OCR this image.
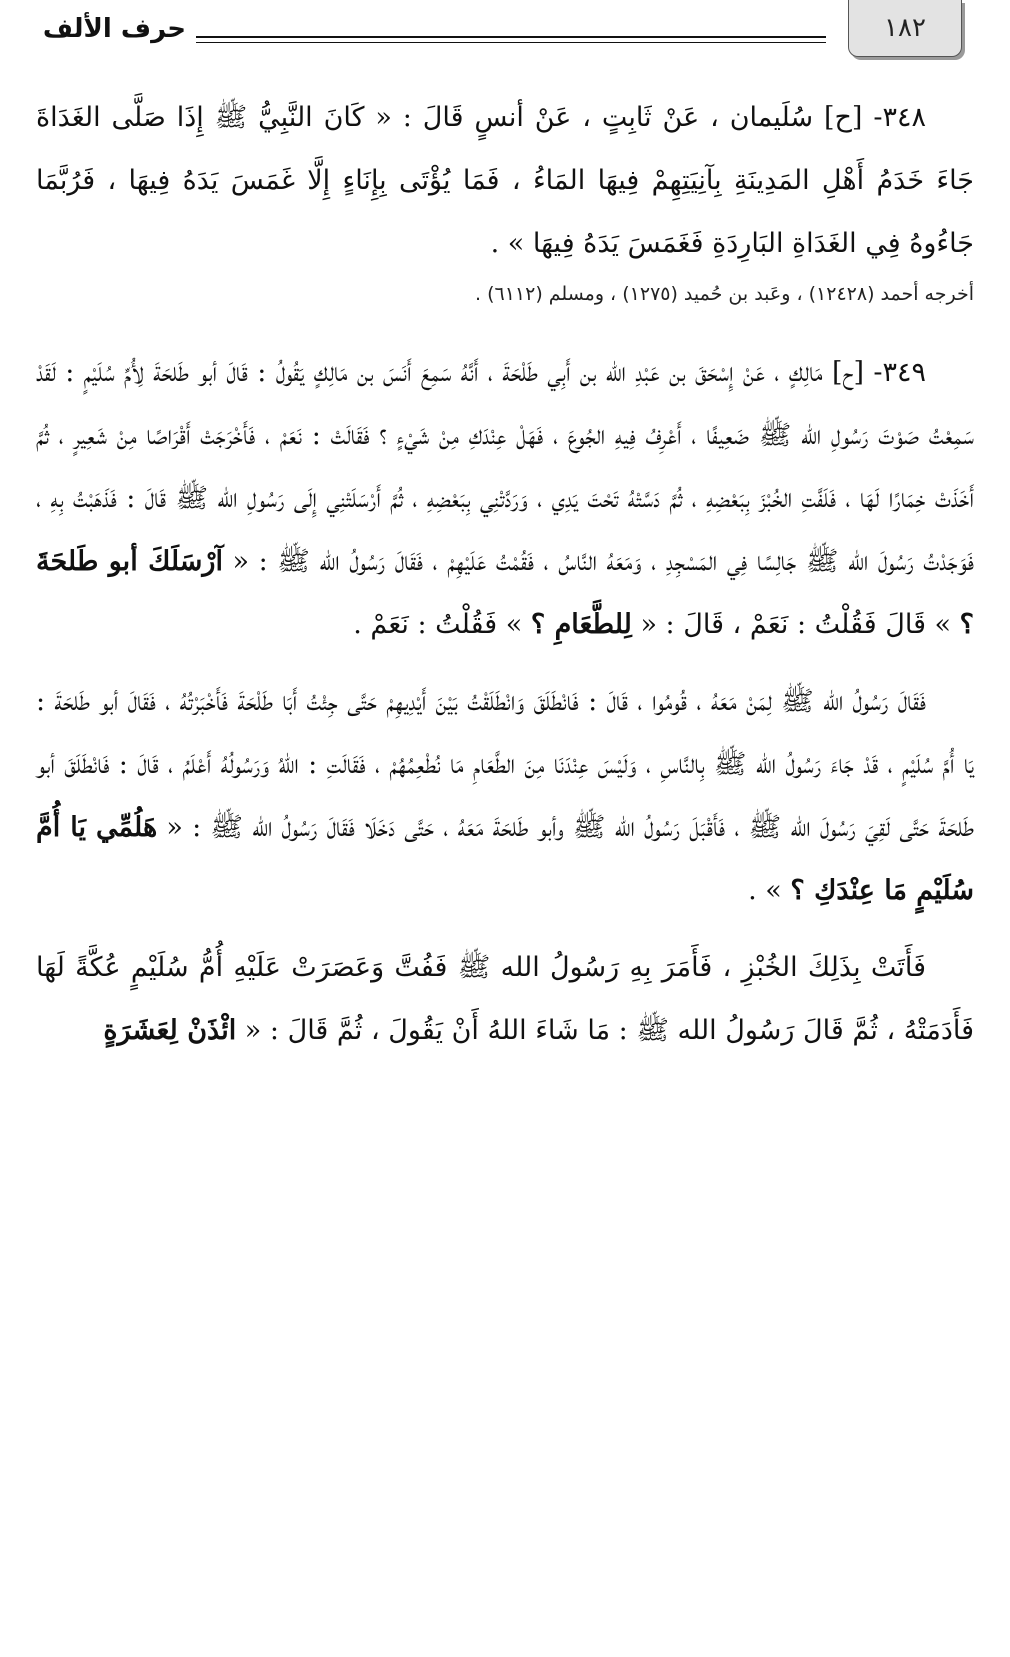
١٨٢
حرف الألف

٣٤٨- [ح] سُلَيمان ، عَنْ ثَابِتٍ ، عَنْ أنسٍ قَالَ : « كَانَ النَّبِيُّ ﷺ إِذَا صَلَّى الغَدَاةَ جَاءَ خَدَمُ أَهْلِ المَدِينَةِ بِآنِيَتِهِمْ فِيهَا المَاءُ ، فَمَا يُؤْتَى بِإِنَاءٍ إِلَّا غَمَسَ يَدَهُ فِيهَا ، فَرُبَّمَا جَاءُوهُ فِي الغَدَاةِ البَارِدَةِ فَغَمَسَ يَدَهُ فِيهَا » .

أخرجه أحمد (١٢٤٢٨) ، وعَبد بن حُميد (١٢٧٥) ، ومسلم (٦١١٢) .

٣٤٩- [ح] مَالِكٍ ، عَنْ إِسْحَقَ بن عَبْدِ الله بن أَبِي طَلْحَةَ ، أَنَّهُ سَمِعَ أَنَسَ بن مَالِكٍ يَقُولُ : قَالَ أبو طَلحَةَ لِأُمِّ سُلَيْمٍ : لَقَدْ سَمِعْتُ صَوْتَ رَسُولِ الله ﷺ ضَعِيفًا ، أَعْرِفُ فِيهِ الجُوعَ ، فَهَلْ عِنْدَكِ مِنْ شَيْءٍ ؟ فَقَالَتْ : نَعَمْ ، فَأَخْرَجَتْ أَقْرَاصًا مِنْ شَعِيرٍ ، ثُمَّ أَخَذَتْ خِمَارًا لَهَا ، فَلَفَّتِ الخُبْزَ بِبَعْضِهِ ، ثُمَّ دَسَّتْهُ تَحْتَ يَدِي ، وَرَدَّتْنِي بِبَعْضِهِ ، ثُمَّ أَرْسَلَتْنِي إِلَى رَسُولِ الله ﷺ قَالَ : فَذَهَبْتُ بِهِ ، فَوَجَدْتُ رَسُولَ الله ﷺ جَالِسًا فِي المَسْجِدِ ، وَمَعَهُ النَّاسُ ، فَقُمْتُ عَلَيْهِمْ ، فَقَالَ رَسُولُ الله ﷺ : « آرْسَلَكَ أبو طَلحَةَ ؟ » قَالَ فَقُلْتُ : نَعَمْ ، قَالَ : « لِلطَّعَامِ ؟ » فَقُلْتُ : نَعَمْ .

فَقَالَ رَسُولُ الله ﷺ لِمَنْ مَعَهُ ، قُومُوا ، قَالَ : فَانْطَلَقَ وَانْطَلَقْتُ بَيْنَ أَيْدِيهِمْ حَتَّى جِئْتُ أَبَا طَلْحَةَ فَأَخْبَرْتُهُ ، فَقَالَ أبو طَلحَةَ : يَا أُمَّ سُلَيْمٍ ، قَدْ جَاءَ رَسُولُ الله ﷺ بِالنَّاسِ ، وَلَيْسَ عِنْدَنَا مِنَ الطَّعَامِ مَا نُطْعِمُهُمْ ، فَقَالَتِ : اللهُ وَرَسُولُهُ أَعْلَمُ ، قَالَ : فَانْطَلَقَ أبو طَلحَةَ حَتَّى لَقِيَ رَسُولَ الله ﷺ ، فَأَقْبَلَ رَسُولُ الله ﷺ وأبو طَلحَةَ مَعَهُ ، حَتَّى دَخَلَا فَقَالَ رَسُولُ الله ﷺ : « هَلُمِّي يَا أُمَّ سُلَيْمٍ مَا عِنْدَكِ ؟ » .

فَأَتَتْ بِذَلِكَ الخُبْزِ ، فَأَمَرَ بِهِ رَسُولُ الله ﷺ فَفُتَّ وَعَصَرَتْ عَلَيْهِ أُمُّ سُلَيْمٍ عُكَّةً لَهَا فَأَدَمَتْهُ ، ثُمَّ قَالَ رَسُولُ الله ﷺ : مَا شَاءَ اللهُ أَنْ يَقُولَ ، ثُمَّ قَالَ : « ائْذَنْ لِعَشَرَةٍ
